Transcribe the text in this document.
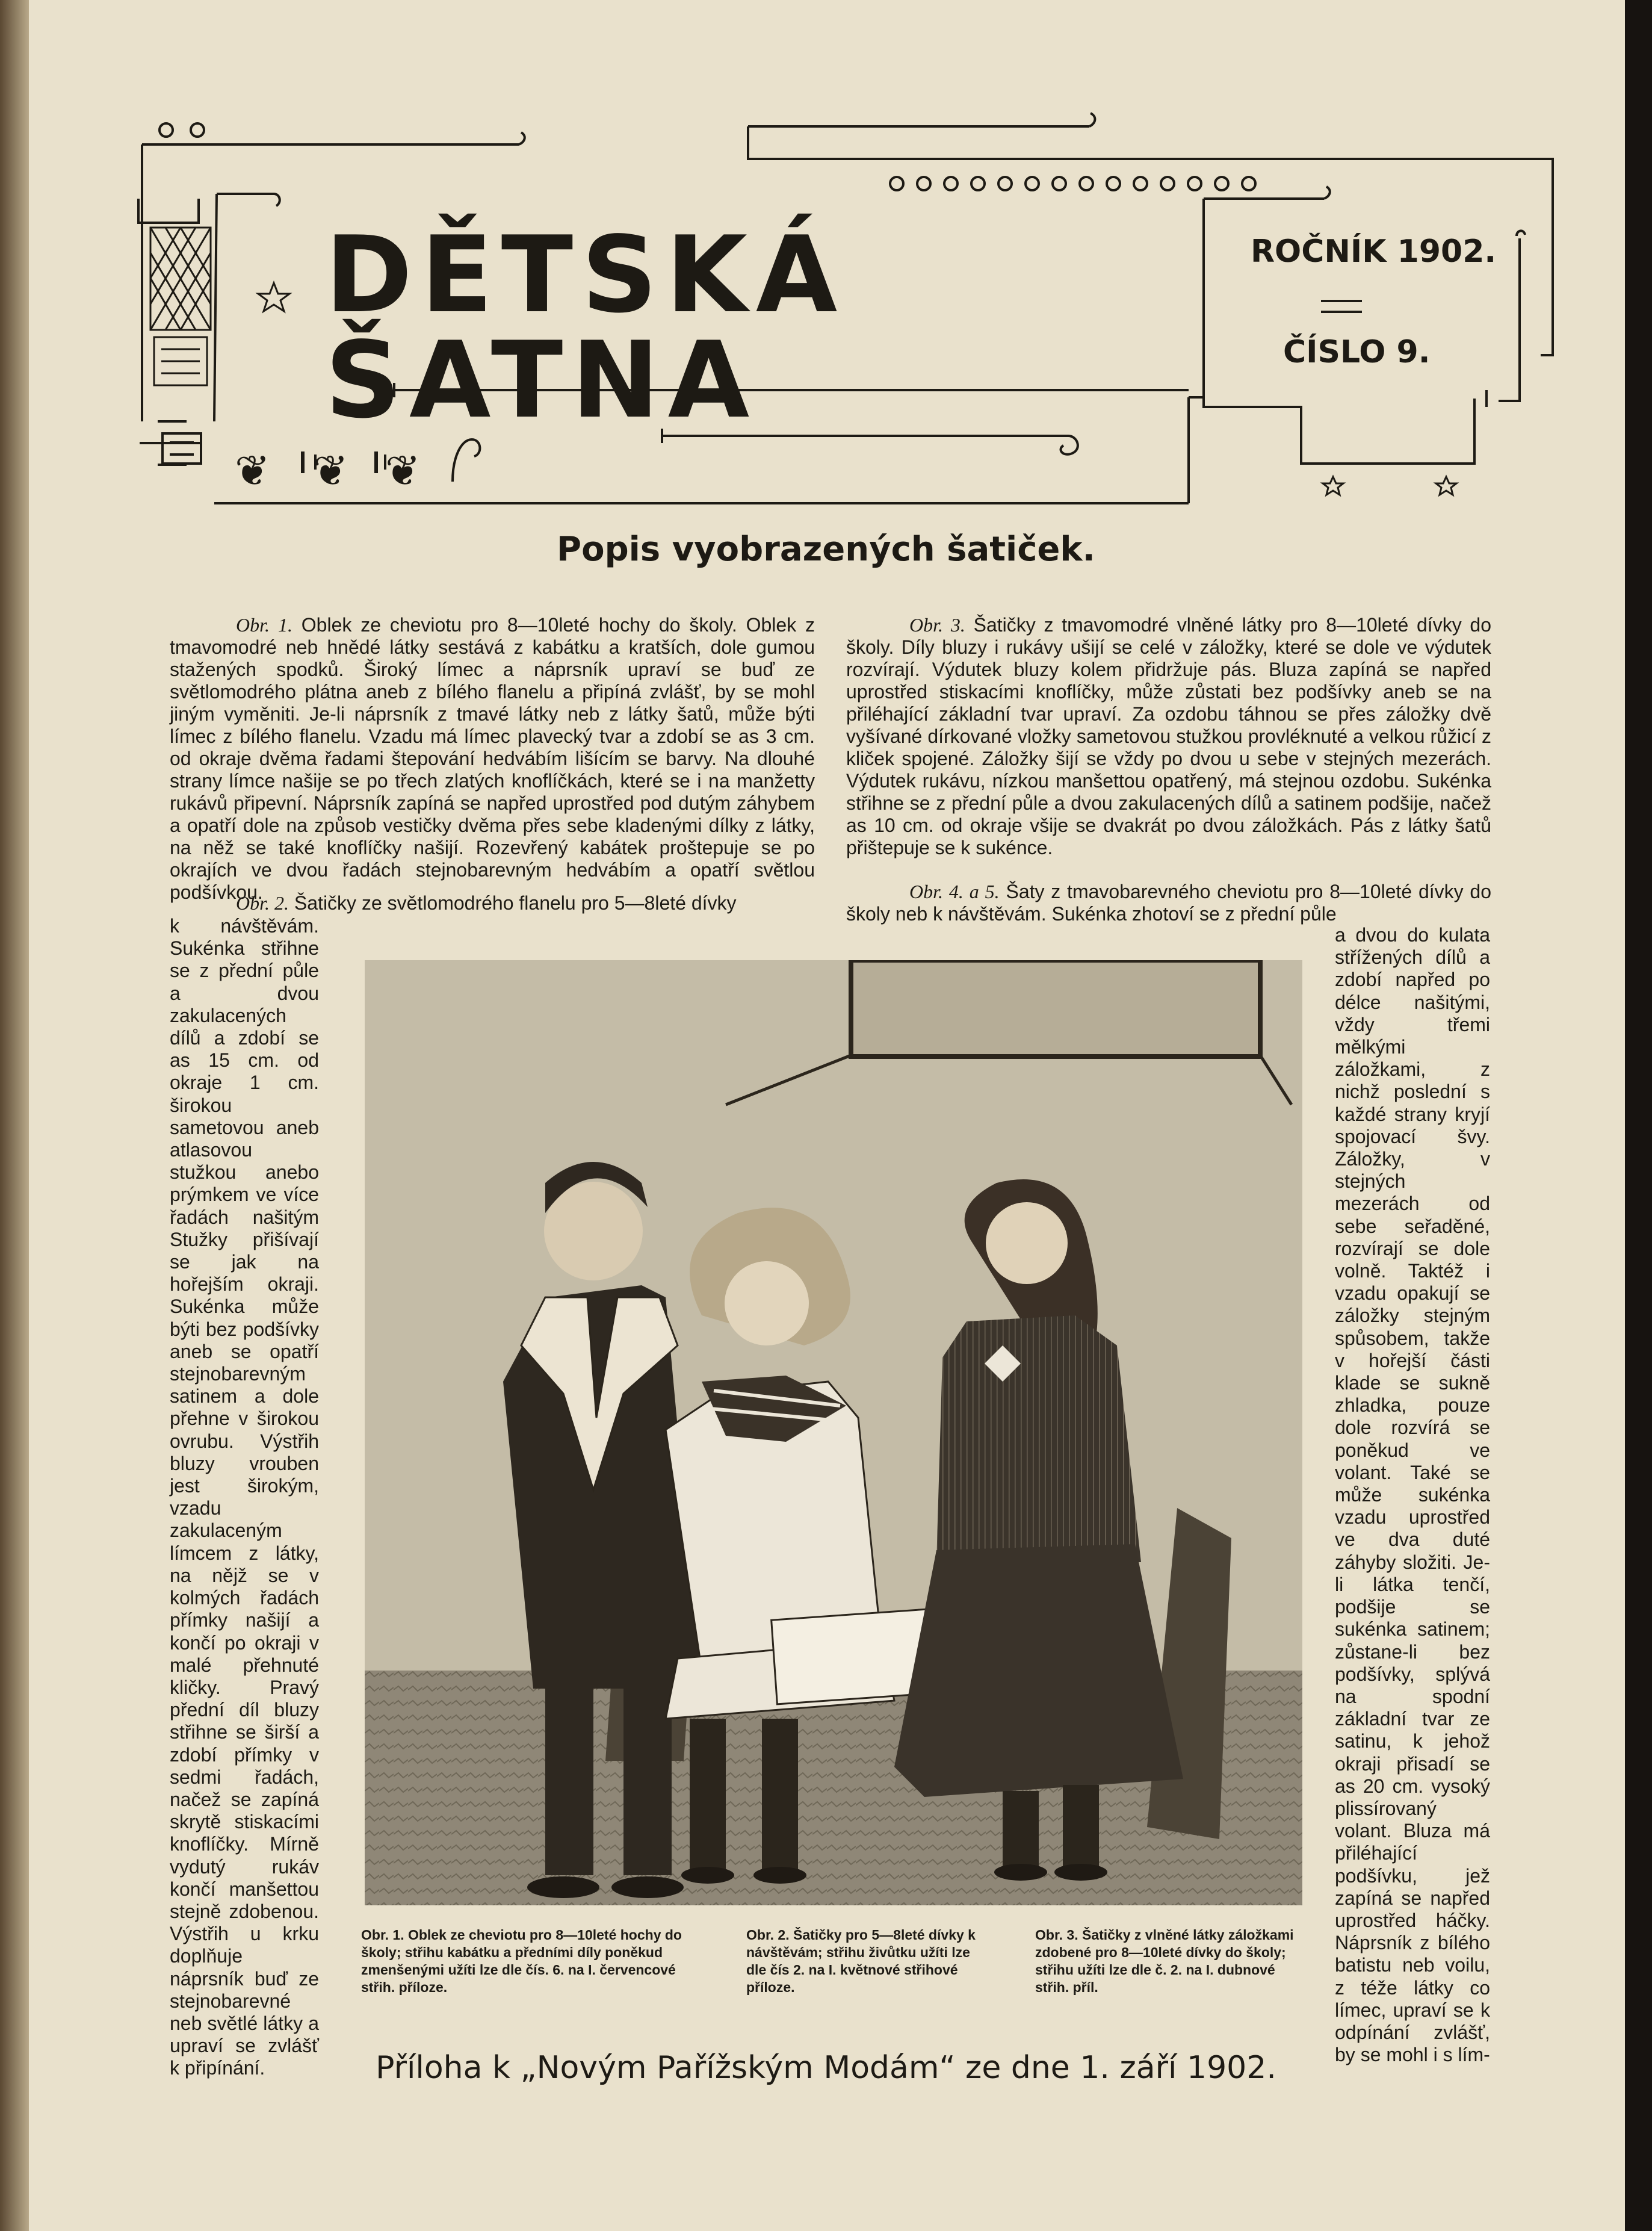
❦ ❦ ❦
DĚTSKÁ ŠATNA
ROČNÍK 1902.
ČÍSLO 9.
Popis vyobrazených šatiček.

Obr. 1. Oblek ze cheviotu pro 8—10leté hochy do školy. Oblek z tmavomodré neb hnědé látky sestává z kabátku a kratších, dole gumou stažených spodků. Široký límec a náprsník upraví se buď ze světlomodrého plátna aneb z bílého flanelu a připíná zvlášť, by se mohl jiným vyměniti. Je-li náprsník z tmavé látky neb z látky šatů, může býti límec z bílého flanelu. Vzadu má límec plavecký tvar a zdobí se as 3 cm. od okraje dvěma řadami štepování hedvábím lišícím se barvy. Na dlouhé strany límce našije se po třech zlatých knoflíčkách, které se i na manžetty rukávů připevní. Náprsník zapíná se napřed uprostřed pod dutým záhybem a opatří dole na způsob vestičky dvěma přes sebe kladenými dílky z látky, na něž se také knoflíčky našijí. Rozevřený kabátek proštepuje se po okrajích ve dvou řadách stejnobarevným hedvábím a opatří světlou podšívkou.

Obr. 2. Šatičky ze světlomodrého flanelu pro 5—8leté dívky

k návštěvám. Sukénka střihne se z přední půle a dvou zakulacených dílů a zdobí se as 15 cm. od okraje 1 cm. širokou sametovou aneb atlasovou stužkou anebo prýmkem ve více řadách našitým Stužky přišívají se jak na hořejším okraji. Sukénka může býti bez podšívky aneb se opatří stejnobarevným satinem a dole přehne v širokou ovrubu. Výstřih bluzy vrouben jest širokým, vzadu zakulaceným límcem z látky, na nějž se v kolmých řadách přímky našijí a končí po okraji v malé přehnuté kličky. Pravý přední díl bluzy střihne se širší a zdobí přímky v sedmi řadách, načež se zapíná skrytě stiskacími knoflíčky. Mírně vydutý rukáv končí manšettou stejně zdobenou. Výstřih u krku doplňuje náprsník buď ze stejnobarevné neb světlé látky a upraví se zvlášť k připínání.

Obr. 3. Šatičky z tmavomodré vlněné látky pro 8—10leté dívky do školy. Díly bluzy i rukávy ušijí se celé v záložky, které se dole ve výdutek rozvírají. Výdutek bluzy kolem přidržuje pás. Bluza zapíná se napřed uprostřed stiskacími knoflíčky, může zůstati bez podšívky aneb se na přiléhající základní tvar upraví. Za ozdobu táhnou se přes záložky dvě vyšívané dírkované vložky sametovou stužkou provléknuté a velkou růžicí z kliček spojené. Záložky šijí se vždy po dvou u sebe v stejných mezerách. Výdutek rukávu, nízkou manšettou opatřený, má stejnou ozdobu. Sukénka střihne se z přední půle a dvou zakulacených dílů a satinem podšije, načež as 10 cm. od okraje všije se dvakrát po dvou záložkách. Pás z látky šatů přištepuje se k sukénce.

Obr. 4. a 5. Šaty z tmavobarevného cheviotu pro 8—10leté dívky do školy neb k návštěvám. Sukénka zhotoví se z přední půle

a dvou do kulata střížených dílů a zdobí napřed po délce našitými, vždy třemi mělkými záložkami, z nichž poslední s každé strany kryjí spojovací švy. Záložky, v stejných mezerách od sebe seřaděné, rozvírají se dole volně. Taktéž i vzadu opakují se záložky stejným spůsobem, takže v hořejší části klade se sukně zhladka, pouze dole rozvírá se poněkud ve volant. Také se může sukénka vzadu uprostřed ve dva duté záhyby složiti. Je-li látka tenčí, podšije se sukénka satinem; zůstane-li bez podšívky, splývá na spodní základní tvar ze satinu, k jehož okraji přisadí se as 20 cm. vysoký plissírovaný volant. Bluza má přiléhající podšívku, jež zapíná se napřed uprostřed háčky. Náprsník z bílého batistu neb voilu, z téže látky co límec, upraví se k odpínání zvlášť, by se mohl i s lím-

Obr. 1. Oblek ze cheviotu pro 8—10leté hochy do školy; střihu kabátku a předními díly poněkud zmenšenými užíti lze dle čís. 6. na I. červencové střih. příloze.

Obr. 2. Šatičky pro 5—8leté dívky k návštěvám; střihu živůtku užíti lze dle čís 2. na I. květnové střihové příloze.

Obr. 3. Šatičky z vlněné látky záložkami zdobené pro 8—10leté dívky do školy; střihu užíti lze dle č. 2. na I. dubnové střih. příl.

Příloha k „Novým Pařížským Modám“ ze dne 1. září 1902.
